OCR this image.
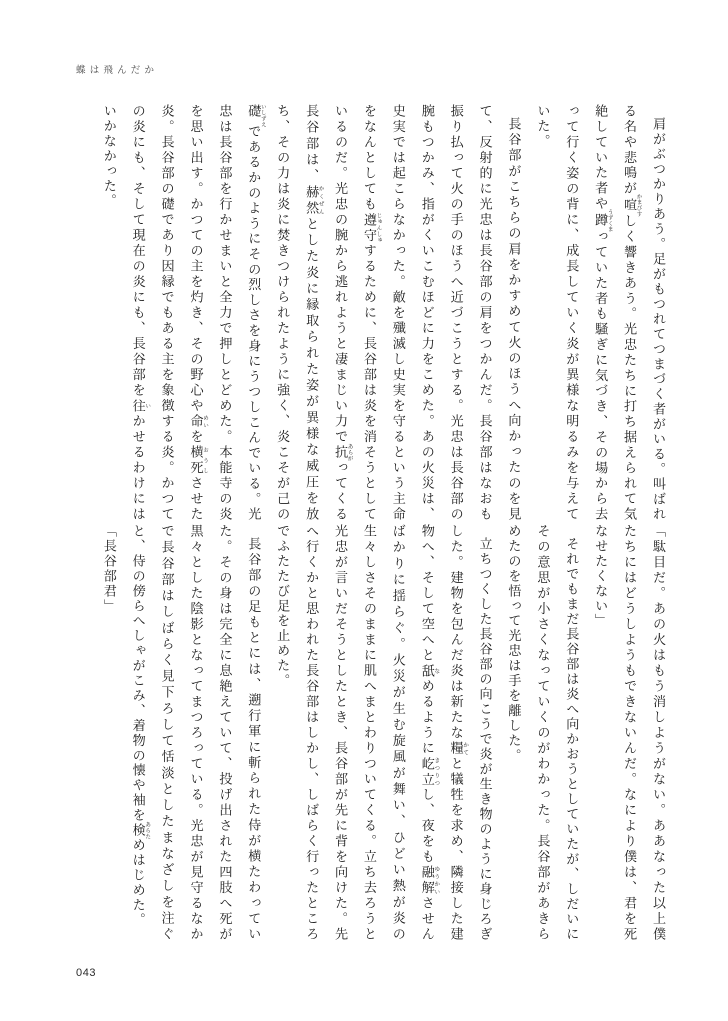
蝶は飛んだか

肩がぶつかりあう。足がもつれてつまづく者がいる。叫ばれる名や悲鳴が喧 かまびすしく響きあう。光忠たちに打ち据えられて気絶していた者や蹲 うずくまっていた者も騒ぎに気づき、その場から去って行く姿の背に、成長していく炎が異様な明るみを与えていた。

長谷部がこちらの肩をかすめて火のほうへ向かったのを見て、反射的に光忠は長谷部の肩をつかんだ。長谷部はなおも振り払って火の手のほうへ近づこうとする。光忠は長谷部の腕もつかみ、指がくいこむほどに力をこめた。あの火災は、史実では起こらなかった。敵を殲滅し史実を守るという主命をなんとしても遵守 じゅんしゅするために、長谷部は炎を消そうとしているのだ。光忠の腕から逃れようと凄まじい力で抗 あらがってくる長谷部は、赫然 かくぜんとした炎に縁取られた姿が異様な威圧を放ち、その力は炎に焚きつけられたように強く、炎こそが己の礎 いしずえであるかのようにその烈しさを身にうつしこんでいる。光忠は長谷部を行かせまいと全力で押しとどめた。本能寺の炎を思い出す。かつての主を灼き、その野心や命 めいを横死 おうしさせた炎。長谷部の礎であり因縁でもある主を象徴する炎。かつての炎にも、そして現在の炎にも、長谷部を往 いかせるわけにはいかなかった。

「駄目だ。あの火はもう消しようがない。ああなった以上僕たちにはどうしようもできないんだ。なにより僕は、君を死なせたくない」

それでもまだ長谷部は炎へ向かおうとしていたが、しだいにその意思が小さくなっていくのがわかった。長谷部があきらめたのを悟って光忠は手を離した。

立ちつくした長谷部の向こうで炎が生き物のように身じろぎした。建物を包んだ炎は新たな糧 かてと犠牲を求め、隣接した建物へ、そして空へと舐 なめるように屹立 きつりつし、夜をも融解 ゆうかいさせんばかりに揺らぐ。火災が生む旋風が舞い、ひどい熱が炎の生々しさそのままに肌へまとわりついてくる。立ち去ろうと光忠が言いだそうとしたとき、長谷部が先に背を向けた。先へ行くかと思われた長谷部はしかし、しばらく行ったところでふたたび足を止めた。

長谷部の足もとには、遡行軍に斬られた侍が横たわっていた。その身は完全に息絶えていて、投げ出された四肢へ死が黒々とした陰影となってまつろっている。光忠が見守るなかで長谷部はしばらく見下ろして恬淡としたまなざしを注ぐと、侍の傍らへしゃがこみ、着物の懐や袖を検 あらためはじめた。

「長谷部君」

043
